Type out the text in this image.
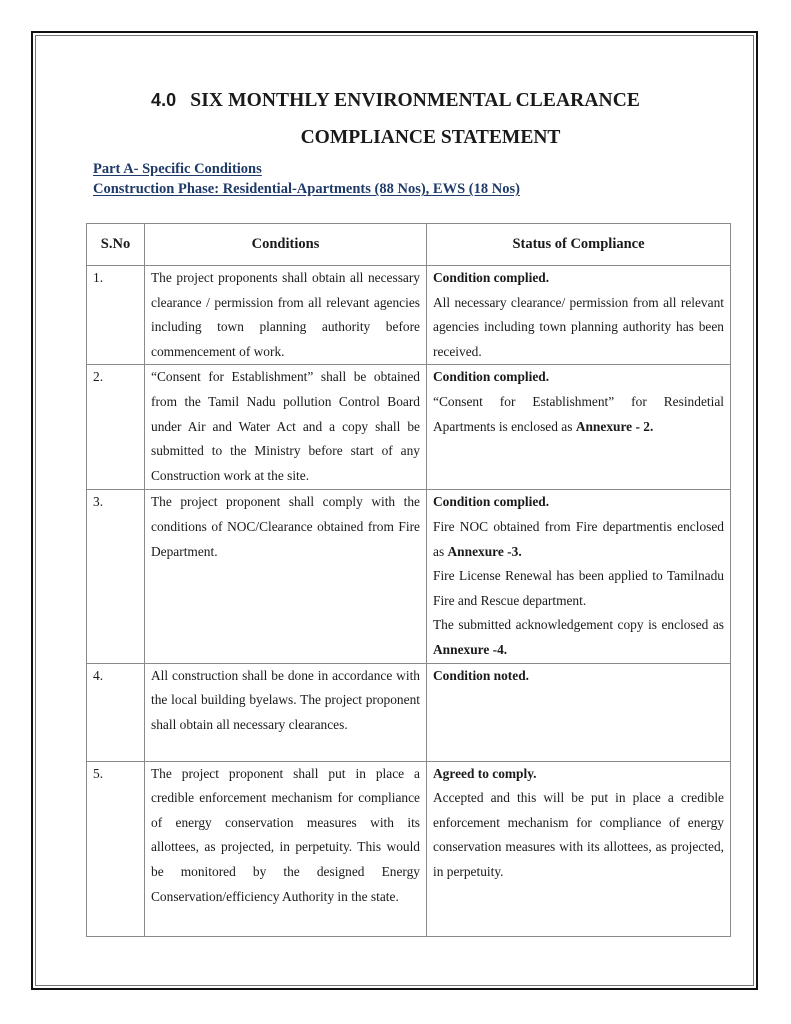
4.0 SIX MONTHLY ENVIRONMENTAL CLEARANCE
COMPLIANCE STATEMENT
Part A- Specific Conditions
Construction Phase: Residential-Apartments (88 Nos), EWS (18 Nos)
S.No	Conditions	Status of Compliance
1.	The project proponents shall obtain all necessary clearance / permission from all relevant agencies including town planning authority before commencement of work.	Condition complied.
All necessary clearance/ permission from all relevant agencies including town planning authority has been received.

2.	“Consent for Establishment” shall be obtained from the Tamil Nadu pollution Control Board under Air and Water Act and a copy shall be submitted to the Ministry before start of any Construction work at the site.	Condition complied.
“Consent for Establishment” for Resindetial Apartments is enclosed as Annexure - 2.

3.	The project proponent shall comply with the conditions of NOC/Clearance obtained from Fire Department.	Condition complied.
Fire NOC obtained from Fire departmentis enclosed as Annexure -3.
Fire License Renewal has been applied to Tamilnadu Fire and Rescue department.
The submitted acknowledgement copy is enclosed as Annexure -4.

4.	All construction shall be done in accordance with the local building byelaws. The project proponent shall obtain all necessary clearances.	Condition noted.

5.	The project proponent shall put in place a credible enforcement mechanism for compliance of energy conservation measures with its allottees, as projected, in perpetuity. This would be monitored by the designed Energy Conservation/efficiency Authority in the state.	Agreed to comply.
Accepted and this will be put in place a credible enforcement mechanism for compliance of energy conservation measures with its allottees, as projected, in perpetuity.
